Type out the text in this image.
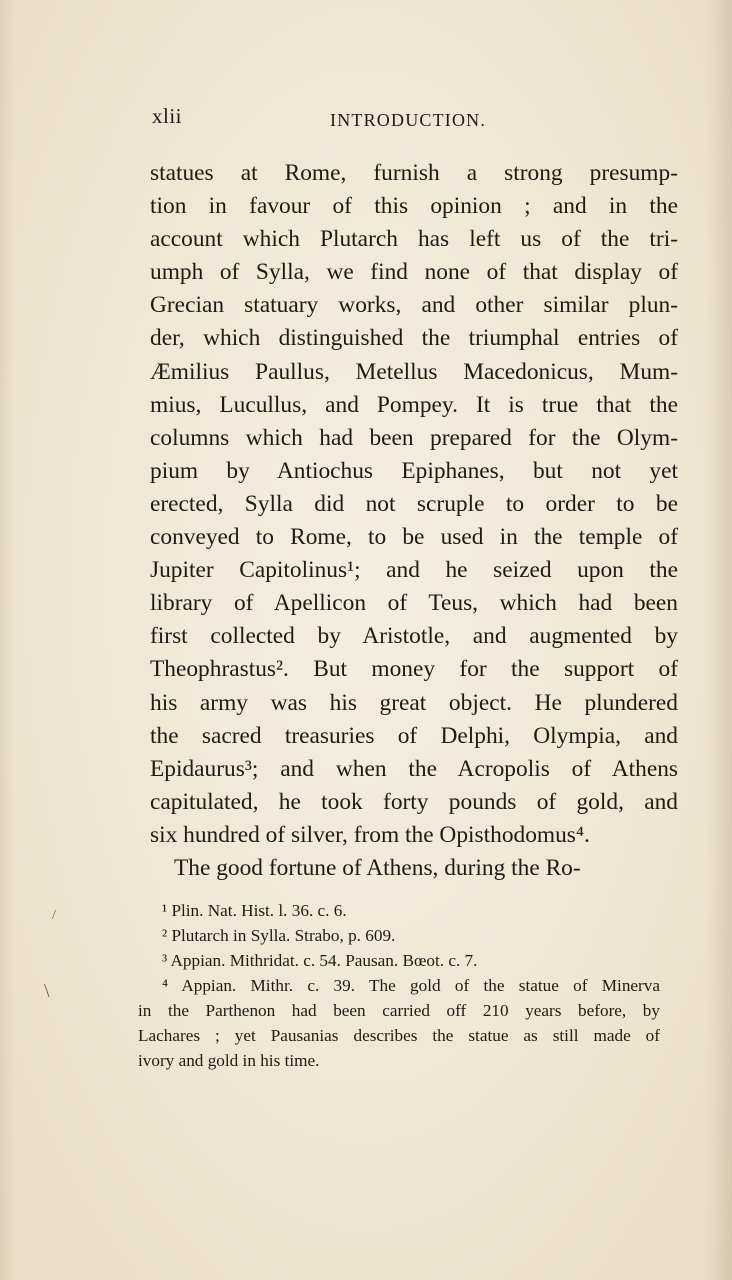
xlii	INTRODUCTION.
statues at Rome, furnish a strong presump-
tion in favour of this opinion ; and in the
account which Plutarch has left us of the tri-
umph of Sylla, we find none of that display of
Grecian statuary works, and other similar plun-
der, which distinguished the triumphal entries of
Æmilius Paullus, Metellus Macedonicus, Mum-
mius, Lucullus, and Pompey. It is true that the
columns which had been prepared for the Olym-
pium by Antiochus Epiphanes, but not yet
erected, Sylla did not scruple to order to be
conveyed to Rome, to be used in the temple of
Jupiter Capitolinus¹; and he seized upon the
library of Apellicon of Teus, which had been
first collected by Aristotle, and augmented by
Theophrastus². But money for the support of
his army was his great object. He plundered
the sacred treasuries of Delphi, Olympia, and
Epidaurus³; and when the Acropolis of Athens
capitulated, he took forty pounds of gold, and
six hundred of silver, from the Opisthodomus⁴.
The good fortune of Athens, during the Ro-
¹ Plin. Nat. Hist. l. 36. c. 6.
² Plutarch in Sylla. Strabo, p. 609.
³ Appian. Mithridat. c. 54. Pausan. Bœot. c. 7.
⁴ Appian. Mithr. c. 39. The gold of the statue of Minerva
in the Parthenon had been carried off 210 years before, by
Lachares ; yet Pausanias describes the statue as still made of
ivory and gold in his time.
\
/
